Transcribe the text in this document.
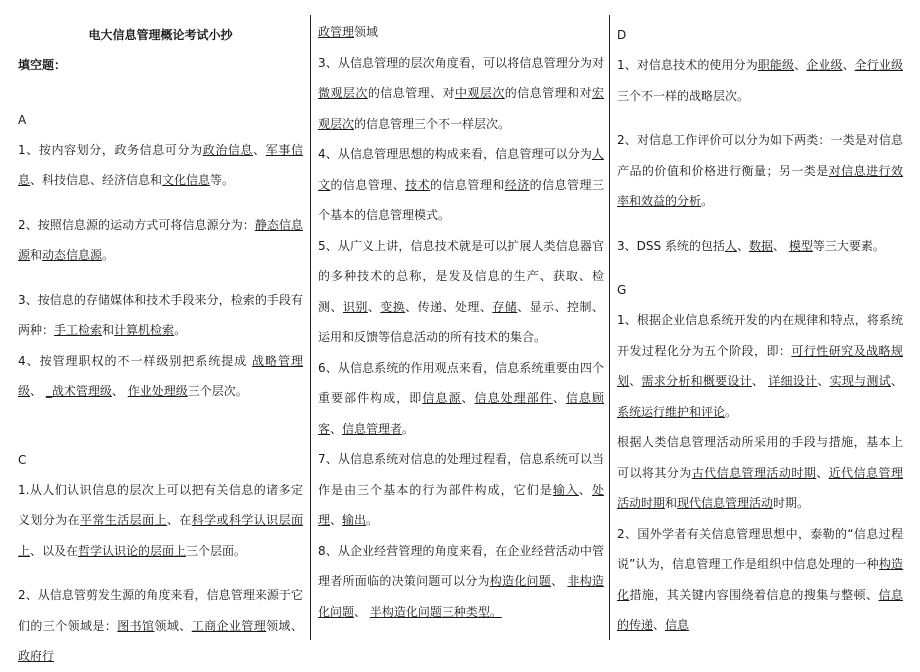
电大信息管理概论考试小抄

填空题：

A

1、按内容划分，政务信息可分为政治信息、军事信息、科技信息、经济信息和文化信息等。

2、按照信息源的运动方式可将信息源分为：静态信息源和动态信息源。

3、按信息的存储媒体和技术手段来分，检索的手段有两种：手工检索和计算机检索。

4、按管理职权的不一样级别把系统提成 战略管理级、 _战术管理级、 作业处理级三个层次。

C

1.从人们认识信息的层次上可以把有关信息的诸多定义划分为在平常生活层面上、在科学或科学认识层面上、以及在哲学认识论的层面上三个层面。

2、从信息管剪发生源的角度来看，信息管理来源于它们的三个领域是：图书馆领域、工商企业管理领域、政府行

政管理领域

3、从信息管理的层次角度看，可以将信息管理分为对微观层次的信息管理、对中观层次的信息管理和对宏观层次的信息管理三个不一样层次。

4、从信息管理思想的构成来看，信息管理可以分为人文的信息管理、技术的信息管理和经济的信息管理三个基本的信息管理模式。

5、从广义上讲，信息技术就是可以扩展人类信息器官的多种技术的总称，是发及信息的生产、获取、检测、识别、变换、传递、处理、存储、显示、控制、运用和反馈等信息活动的所有技术的集合。

6、从信息系统的作用观点来看，信息系统重要由四个重要部件构成，即信息源、信息处理部件、信息顾客、信息管理者。

7、从信息系统对信息的处理过程看，信息系统可以当作是由三个基本的行为部件构成，它们是输入、处理、输出。

8、从企业经营管理的角度来看，在企业经营活动中管理者所面临的决策问题可以分为构造化问题、 非构造化问题、 半构造化问题三种类型。

D

1、对信息技术的使用分为职能级、企业级、全行业级三个不一样的战略层次。

2、对信息工作评价可以分为如下两类：一类是对信息产品的价值和价格进行衡量；另一类是对信息进行效率和效益的分析。

3、DSS 系统的包括人、数据、 模型等三大要素。

G

1、根据企业信息系统开发的内在规律和特点，将系统开发过程化分为五个阶段，即：可行性研究及战略规划、需求分析和概要设计、 详细设计、实现与测试、系统运行维护和评论。

根据人类信息管理活动所采用的手段与措施，基本上可以将其分为古代信息管理活动时期、近代信息管理活动时期和现代信息管理活动时期。

2、国外学者有关信息管理思想中，泰勒的“信息过程说”认为，信息管理工作是组织中信息处理的一种构造化措施，其关键内容围绕着信息的搜集与整顿、信息的传递、信息
